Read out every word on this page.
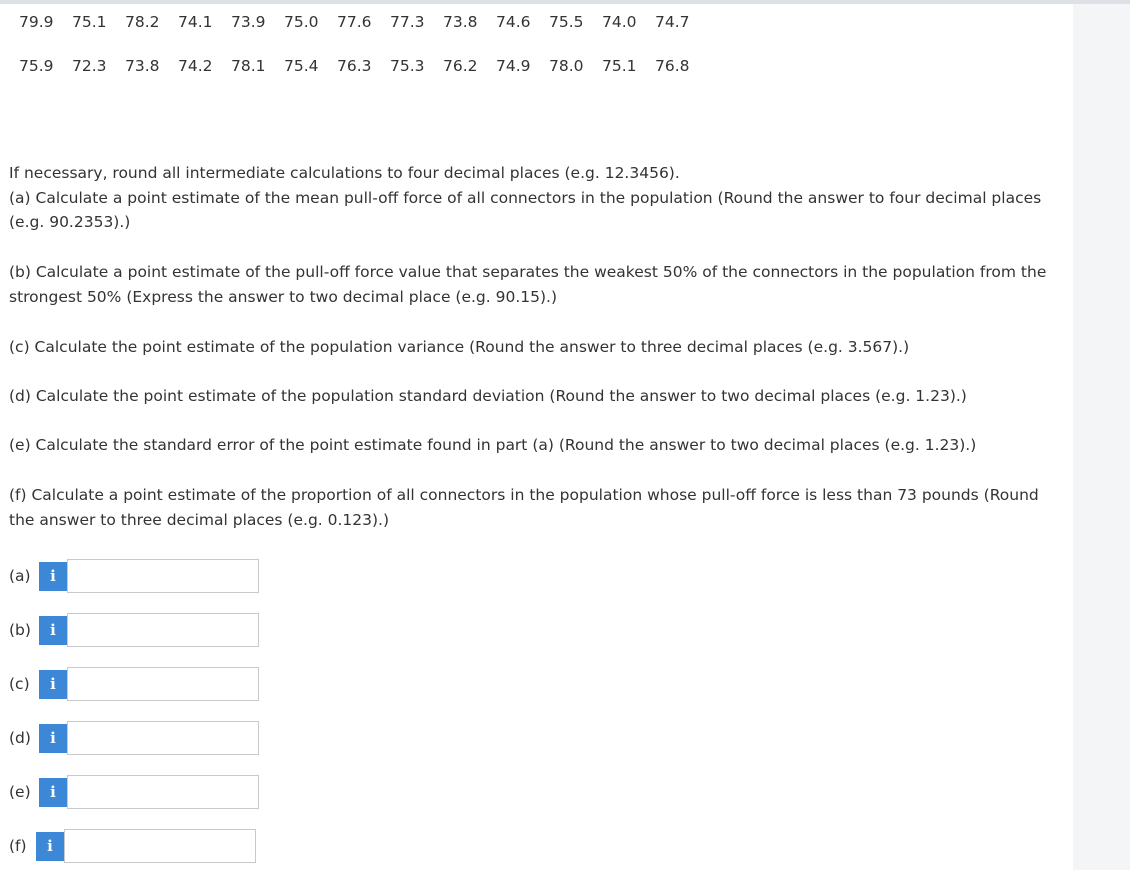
79.9 75.1 78.2 74.1 73.9 75.0 77.6 77.3 73.8 74.6 75.5 74.0 74.7
75.9 72.3 73.8 74.2 78.1 75.4 76.3 75.3 76.2 74.9 78.0 75.1 76.8
If necessary, round all intermediate calculations to four decimal places (e.g. 12.3456).
(a) Calculate a point estimate of the mean pull-off force of all connectors in the population (Round the answer to four decimal places
(e.g. 90.2353).)
(b) Calculate a point estimate of the pull-off force value that separates the weakest 50% of the connectors in the population from the
strongest 50% (Express the answer to two decimal place (e.g. 90.15).)
(c) Calculate the point estimate of the population variance (Round the answer to three decimal places (e.g. 3.567).)
(d) Calculate the point estimate of the population standard deviation (Round the answer to two decimal places (e.g. 1.23).)
(e) Calculate the standard error of the point estimate found in part (a) (Round the answer to two decimal places (e.g. 1.23).)
(f) Calculate a point estimate of the proportion of all connectors in the population whose pull-off force is less than 73 pounds (Round
the answer to three decimal places (e.g. 0.123).)
(a)	i
(b)	i
(c)	i
(d)	i
(e)	i
(f)	i
